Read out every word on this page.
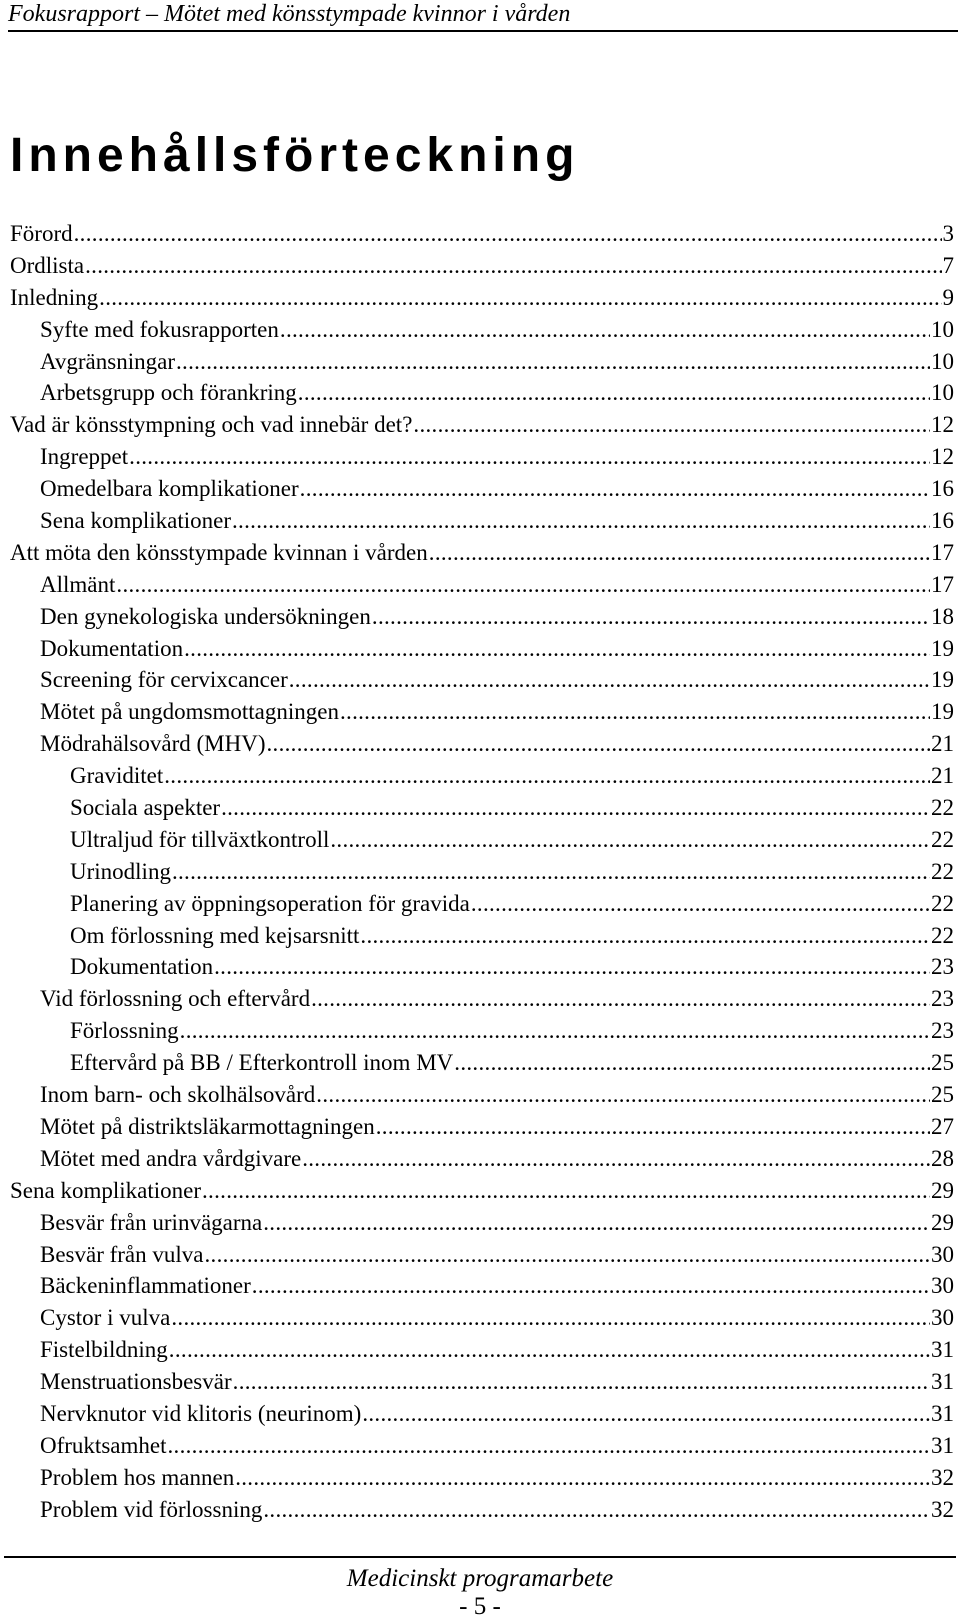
Fokusrapport – Mötet med könsstympade kvinnor i vården
Innehållsförteckning
Förord .....	3
Ordlista .....	7
Inledning .....	9
Syfte med fokusrapporten .....	10
Avgränsningar .....	10
Arbetsgrupp och förankring .....	10
Vad är könsstympning och vad innebär det? .....	12
Ingreppet .....	12
Omedelbara komplikationer .....	16
Sena komplikationer .....	16
Att möta den könsstympade kvinnan i vården .....	17
Allmänt .....	17
Den gynekologiska undersökningen .....	18
Dokumentation .....	19
Screening för cervixcancer .....	19
Mötet på ungdomsmottagningen .....	19
Mödrahälsovård (MHV) .....	21
Graviditet .....	21
Sociala aspekter .....	22
Ultraljud för tillväxtkontroll .....	22
Urinodling .....	22
Planering av öppningsoperation för gravida .....	22
Om förlossning med kejsarsnitt .....	22
Dokumentation .....	23
Vid förlossning och eftervård .....	23
Förlossning .....	23
Eftervård på BB / Efterkontroll inom MV .....	25
Inom barn- och skolhälsovård .....	25
Mötet på distriktsläkarmottagningen .....	27
Mötet med andra vårdgivare .....	28
Sena komplikationer .....	29
Besvär från urinvägarna .....	29
Besvär från vulva .....	30
Bäckeninflammationer .....	30
Cystor i vulva .....	30
Fistelbildning .....	31
Menstruationsbesvär .....	31
Nervknutor vid klitoris (neurinom) .....	31
Ofruktsamhet .....	31
Problem hos mannen .....	32
Problem vid förlossning .....	32
Medicinskt programarbete
- 5 -
